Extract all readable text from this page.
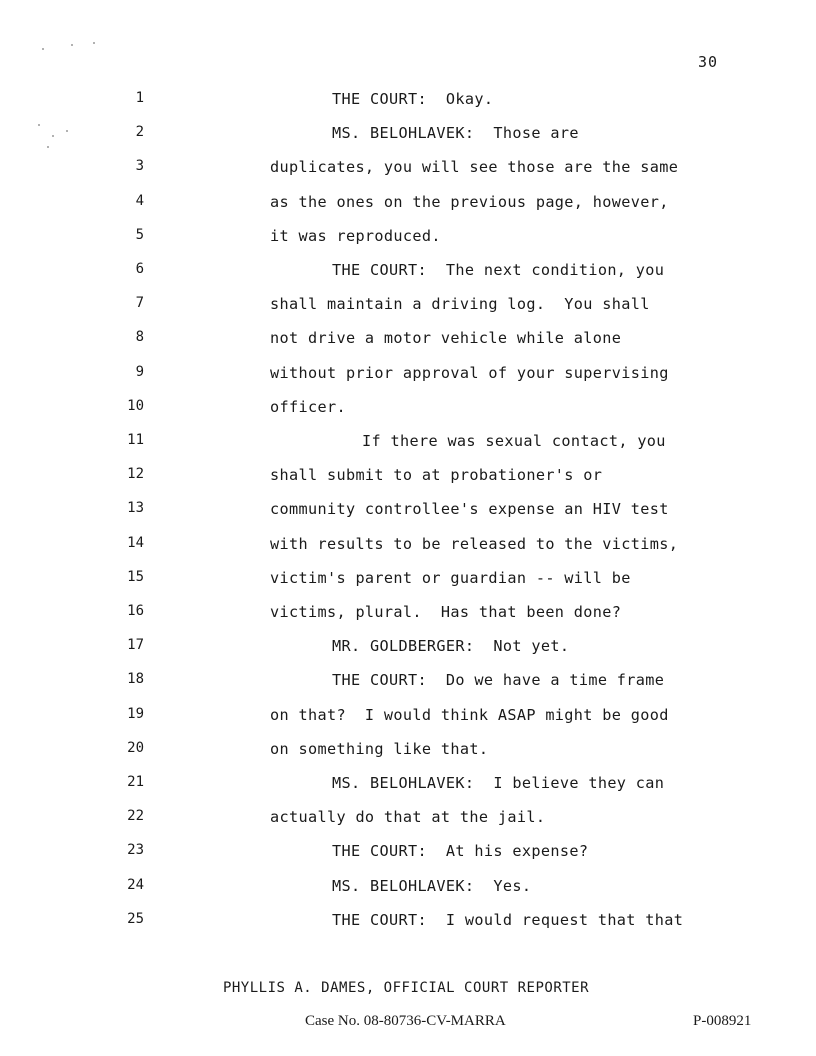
30
1	THE COURT:  Okay.
2	MS. BELOHLAVEK:  Those are
3	duplicates, you will see those are the same
4	as the ones on the previous page, however,
5	it was reproduced.
6	THE COURT:  The next condition, you
7	shall maintain a driving log.  You shall
8	not drive a motor vehicle while alone
9	without prior approval of your supervising
10	officer.
11	If there was sexual contact, you
12	shall submit to at probationer's or
13	community controllee's expense an HIV test
14	with results to be released to the victims,
15	victim's parent or guardian -- will be
16	victims, plural.  Has that been done?
17	MR. GOLDBERGER:  Not yet.
18	THE COURT:  Do we have a time frame
19	on that?  I would think ASAP might be good
20	on something like that.
21	MS. BELOHLAVEK:  I believe they can
22	actually do that at the jail.
23	THE COURT:  At his expense?
24	MS. BELOHLAVEK:  Yes.
25	THE COURT:  I would request that that
PHYLLIS A. DAMES, OFFICIAL COURT REPORTER
Case No. 08-80736-CV-MARRA	P-008921
